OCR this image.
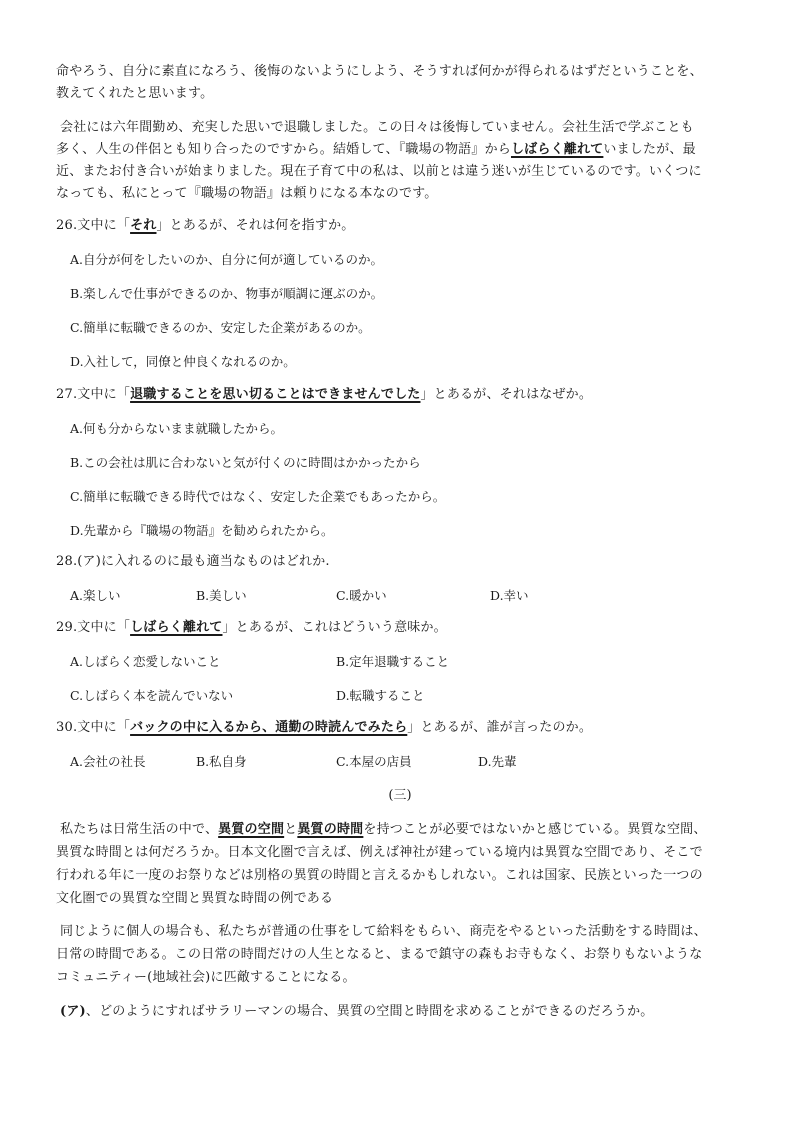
命やろう、自分に素直になろう、後悔のないようにしよう、そうすれば何かが得られるはずだということを、
教えてくれたと思います。
会社には六年間勤め、充実した思いで退職しました。この日々は後悔していません。会社生活で学ぶことも
多く、人生の伴侶とも知り合ったのですから。結婚して、『職場の物語』からしばらく離れていましたが、最
近、またお付き合いが始まりました。現在子育て中の私は、以前とは違う迷いが生じているのです。いくつに
なっても、私にとって『職場の物語』は頼りになる本なのです。
26.文中に「それ」とあるが、それは何を指すか。
A.自分が何をしたいのか、自分に何が適しているのか。
B.楽しんで仕事ができるのか、物事が順調に運ぶのか。
C.簡単に転職できるのか、安定した企業があるのか。
D.入社して，同僚と仲良くなれるのか。
27.文中に「退職することを思い切ることはできませんでした」とあるが、それはなぜか。
A.何も分からないまま就職したから。
B.この会社は肌に合わないと気が付くのに時間はかかったから
C.簡単に転職できる時代ではなく、安定した企業でもあったから。
D.先輩から『職場の物語』を勧められたから。
28.(ア)に入れるのに最も適当なものはどれか.
A.楽しい	B.美しい	C.暖かい	D.幸い
29.文中に「しばらく離れて」とあるが、これはどういう意味か。
A.しばらく恋愛しないこと	B.定年退職すること
C.しばらく本を読んでいない	D.転職すること
30.文中に「バックの中に入るから、通勤の時読んでみたら」とあるが、誰が言ったのか。
A.会社の社長	B.私自身	C.本屋の店員	D.先輩
(三)
私たちは日常生活の中で、異質の空間と異質の時間を持つことが必要ではないかと感じている。異質な空間、
異質な時間とは何だろうか。日本文化圏で言えば、例えば神社が建っている境内は異質な空間であり、そこで
行われる年に一度のお祭りなどは別格の異質の時間と言えるかもしれない。これは国家、民族といった一つの
文化圏での異質な空間と異質な時間の例である
同じように個人の場合も、私たちが普通の仕事をして給料をもらい、商売をやるといった活動をする時間は、
日常の時間である。この日常の時間だけの人生となると、まるで鎮守の森もお寺もなく、お祭りもないような
コミュニティー(地域社会)に匹敵することになる。
(ア)、どのようにすればサラリーマンの場合、異質の空間と時間を求めることができるのだろうか。
